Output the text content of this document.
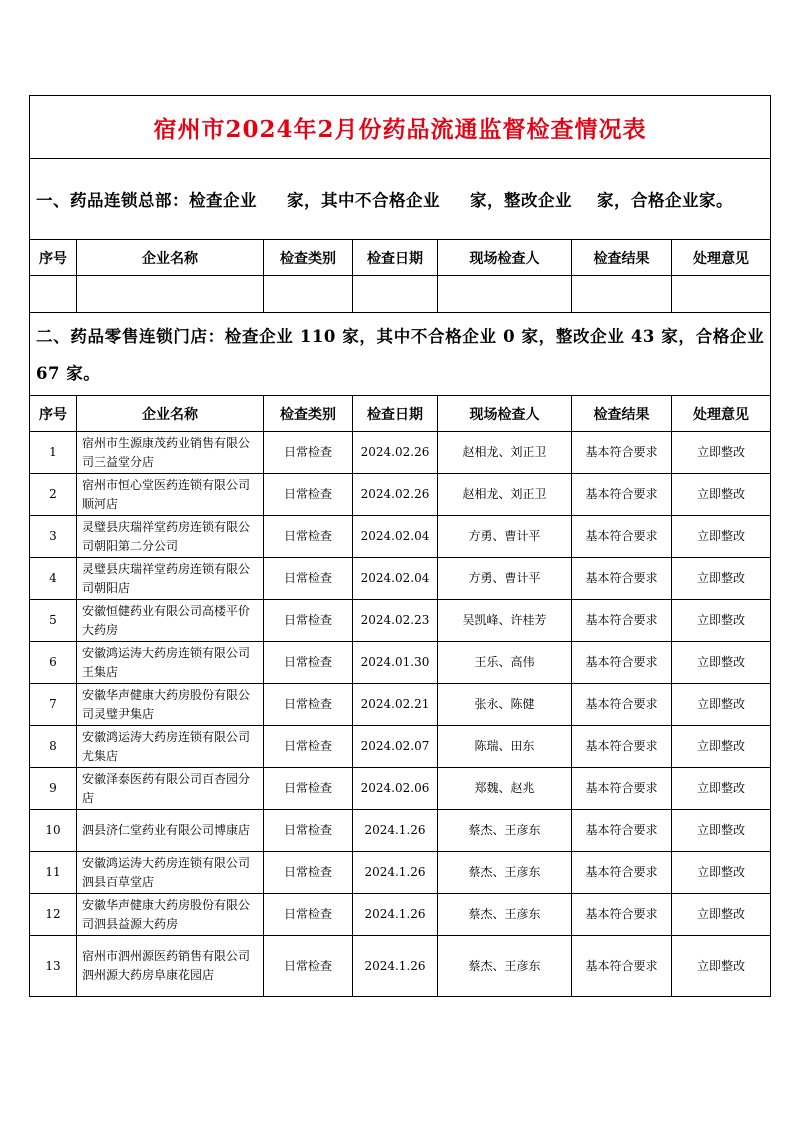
宿州市2024年2月份药品流通监督检查情况表						
一、药品连锁总部：检查企业 家，其中不合格企业 家，整改企业 家，合格企业家。						
序号	企业名称	检查类别	检查日期	现场检查人	检查结果	处理意见

二、药品零售连锁门店：检查企业 110 家，其中不合格企业 0 家，整改企业 43 家，合格企业 67 家。						
序号	企业名称	检查类别	检查日期	现场检查人	检查结果	处理意见
1	宿州市生源康茂药业销售有限公司三益堂分店	日常检查	2024.02.26	赵相龙、刘正卫	基本符合要求	立即整改
2	宿州市恒心堂医药连锁有限公司顺河店	日常检查	2024.02.26	赵相龙、刘正卫	基本符合要求	立即整改
3	灵璧县庆瑞祥堂药房连锁有限公司朝阳第二分公司	日常检查	2024.02.04	方勇、曹计平	基本符合要求	立即整改
4	灵璧县庆瑞祥堂药房连锁有限公司朝阳店	日常检查	2024.02.04	方勇、曹计平	基本符合要求	立即整改
5	安徽恒健药业有限公司高楼平价大药房	日常检查	2024.02.23	吴凯峰、许桂芳	基本符合要求	立即整改
6	安徽鸿运涛大药房连锁有限公司王集店	日常检查	2024.01.30	王乐、高伟	基本符合要求	立即整改
7	安徽华声健康大药房股份有限公司灵璧尹集店	日常检查	2024.02.21	张永、陈健	基本符合要求	立即整改
8	安徽鸿运涛大药房连锁有限公司尤集店	日常检查	2024.02.07	陈瑞、田东	基本符合要求	立即整改
9	安徽泽泰医药有限公司百杏园分店	日常检查	2024.02.06	郑魏、赵兆	基本符合要求	立即整改
10	泗县济仁堂药业有限公司博康店	日常检查	2024.1.26	蔡杰、王彦东	基本符合要求	立即整改
11	安徽鸿运涛大药房连锁有限公司泗县百草堂店	日常检查	2024.1.26	蔡杰、王彦东	基本符合要求	立即整改
12	安徽华声健康大药房股份有限公司泗县益源大药房	日常检查	2024.1.26	蔡杰、王彦东	基本符合要求	立即整改
13	宿州市泗州源医药销售有限公司泗州源大药房阜康花园店	日常检查	2024.1.26	蔡杰、王彦东	基本符合要求	立即整改
